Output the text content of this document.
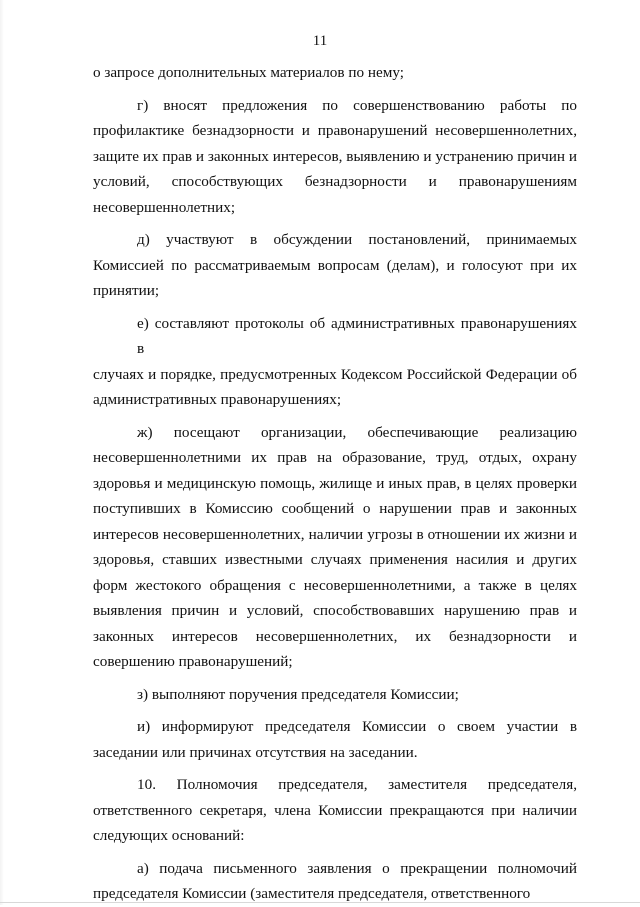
11
о запросе дополнительных материалов по нему;
г) вносят предложения по совершенствованию работы по
профилактике безнадзорности и правонарушений несовершеннолетних,
защите их прав и законных интересов, выявлению и устранению причин и
условий, способствующих безнадзорности и правонарушениям
несовершеннолетних;
д) участвуют в обсуждении постановлений, принимаемых
Комиссией по рассматриваемым вопросам (делам), и голосуют при их
принятии;
е) составляют протоколы об административных правонарушениях в
случаях и порядке, предусмотренных Кодексом Российской Федерации об
административных правонарушениях;
ж) посещают организации, обеспечивающие реализацию
несовершеннолетними их прав на образование, труд, отдых, охрану
здоровья и медицинскую помощь, жилище и иных прав, в целях проверки
поступивших в Комиссию сообщений о нарушении прав и законных
интересов несовершеннолетних, наличии угрозы в отношении их жизни и
здоровья, ставших известными случаях применения насилия и других
форм жестокого обращения с несовершеннолетними, а также в целях
выявления причин и условий, способствовавших нарушению прав и
законных интересов несовершеннолетних, их безнадзорности и
совершению правонарушений;
з) выполняют поручения председателя Комиссии;
и) информируют председателя Комиссии о своем участии в
заседании или причинах отсутствия на заседании.
10. Полномочия председателя, заместителя председателя,
ответственного секретаря, члена Комиссии прекращаются при наличии
следующих оснований:
а) подача письменного заявления о прекращении полномочий
председателя Комиссии (заместителя председателя, ответственного
